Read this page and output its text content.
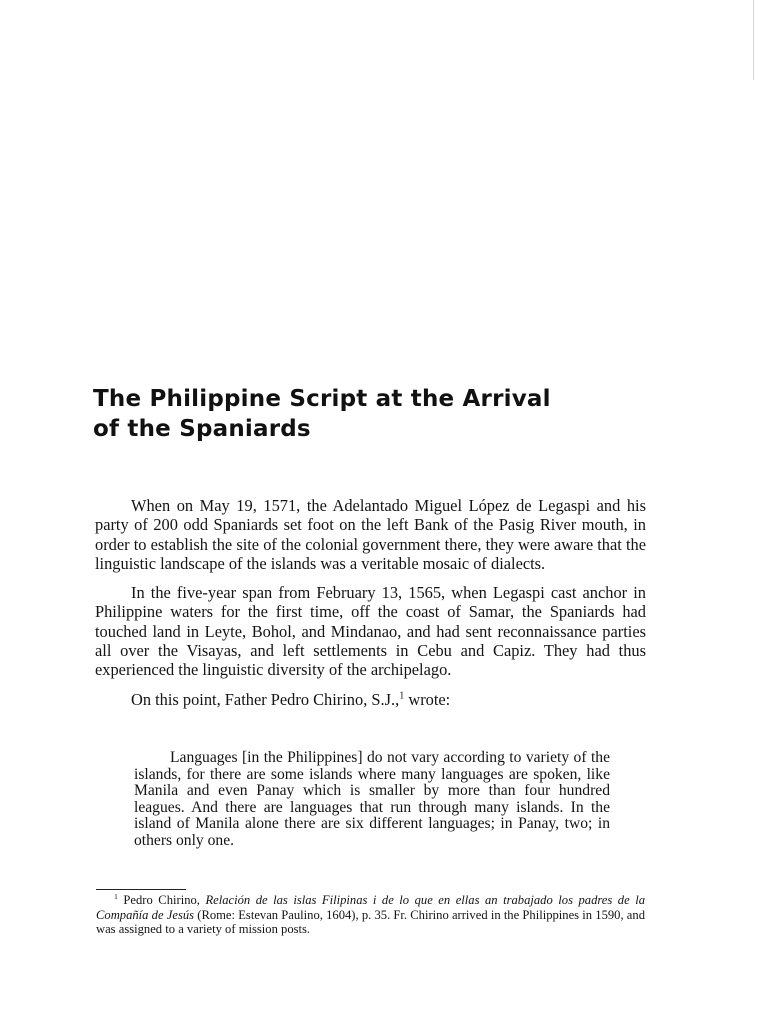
The Philippine Script at the Arrival
of the Spaniards

When on May 19, 1571, the Adelantado Miguel López de Legaspi and his party of 200 odd Spaniards set foot on the left Bank of the Pasig River mouth, in order to establish the site of the colonial government there, they were aware that the linguistic landscape of the islands was a veritable mosaic of dialects.

In the five-year span from February 13, 1565, when Legaspi cast anchor in Philippine waters for the first time, off the coast of Samar, the Spaniards had touched land in Leyte, Bohol, and Mindanao, and had sent reconnaissance parties all over the Visayas, and left settlements in Cebu and Capiz. They had thus experienced the linguistic diversity of the archipelago.

On this point, Father Pedro Chirino, S.J.,$^1$ wrote:

Languages [in the Philippines] do not vary according to variety of the islands, for there are some islands where many languages are spoken, like Manila and even Panay which is smaller by more than four hundred leagues. And there are languages that run through many islands. In the island of Manila alone there are six different languages; in Panay, two; in others only one.

$^1$ Pedro Chirino, Relación de las islas Filipinas i de lo que en ellas an trabajado los padres de la Compañía de Jesús (Rome: Estevan Paulino, 1604), p. 35. Fr. Chirino arrived in the Philippines in 1590, and was assigned to a variety of mission posts.
